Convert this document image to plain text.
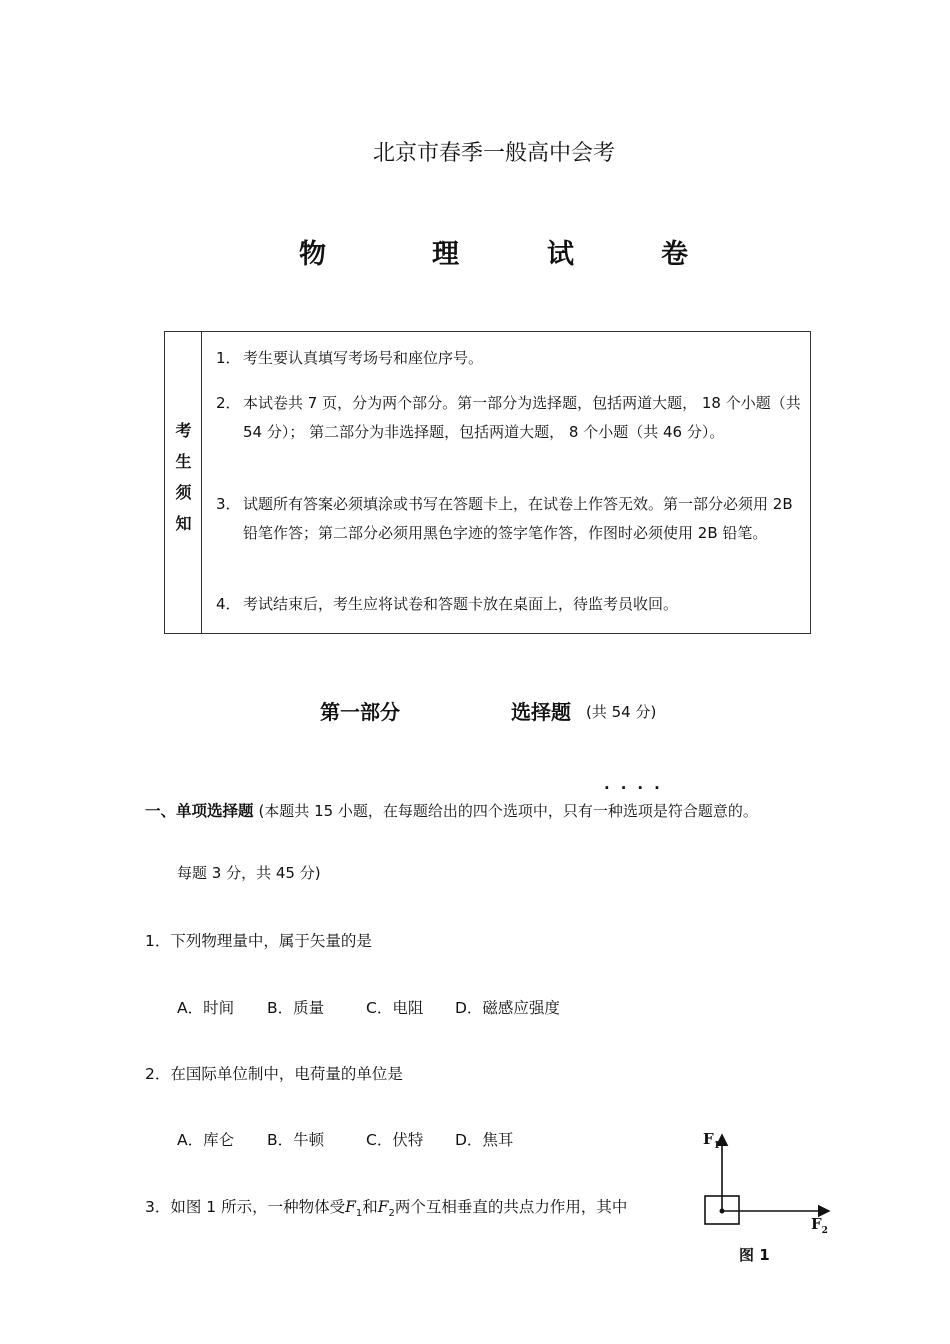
北京市春季一般高中会考
物	理	试	卷
考
生
须
知
1． 考生要认真填写考场号和座位序号。
2． 本试卷共 7 页，分为两个部分。第一部分为选择题，包括两道大题， 18 个小题（共 54 分）； 第二部分为非选择题，包括两道大题， 8 个小题（共 46 分）。
3． 试题所有答案必须填涂或书写在答题卡上，在试卷上作答无效。第一部分必须用 2B 铅笔作答；第二部分必须用黑色字迹的签字笔作答，作图时必须使用 2B 铅笔。
4． 考试结束后，考生应将试卷和答题卡放在桌面上，待监考员收回。
第一部分	选择题 (共 54 分)
····
一、单项选择题 (本题共 15 小题，在每题给出的四个选项中，只有一种选项是符合题意的。
每题 3 分，共 45 分)
1．下列物理量中，属于矢量的是
A．时间 B．质量	C．电阻 D．磁感应强度
2．在国际单位制中，电荷量的单位是
A．库仑 B．牛顿	C．伏特 D．焦耳
3．如图 1 所示，一种物体受$F_1$和$F_2$两个互相垂直的共点力作用，其中
$F_1$
$F_2$
图 1
